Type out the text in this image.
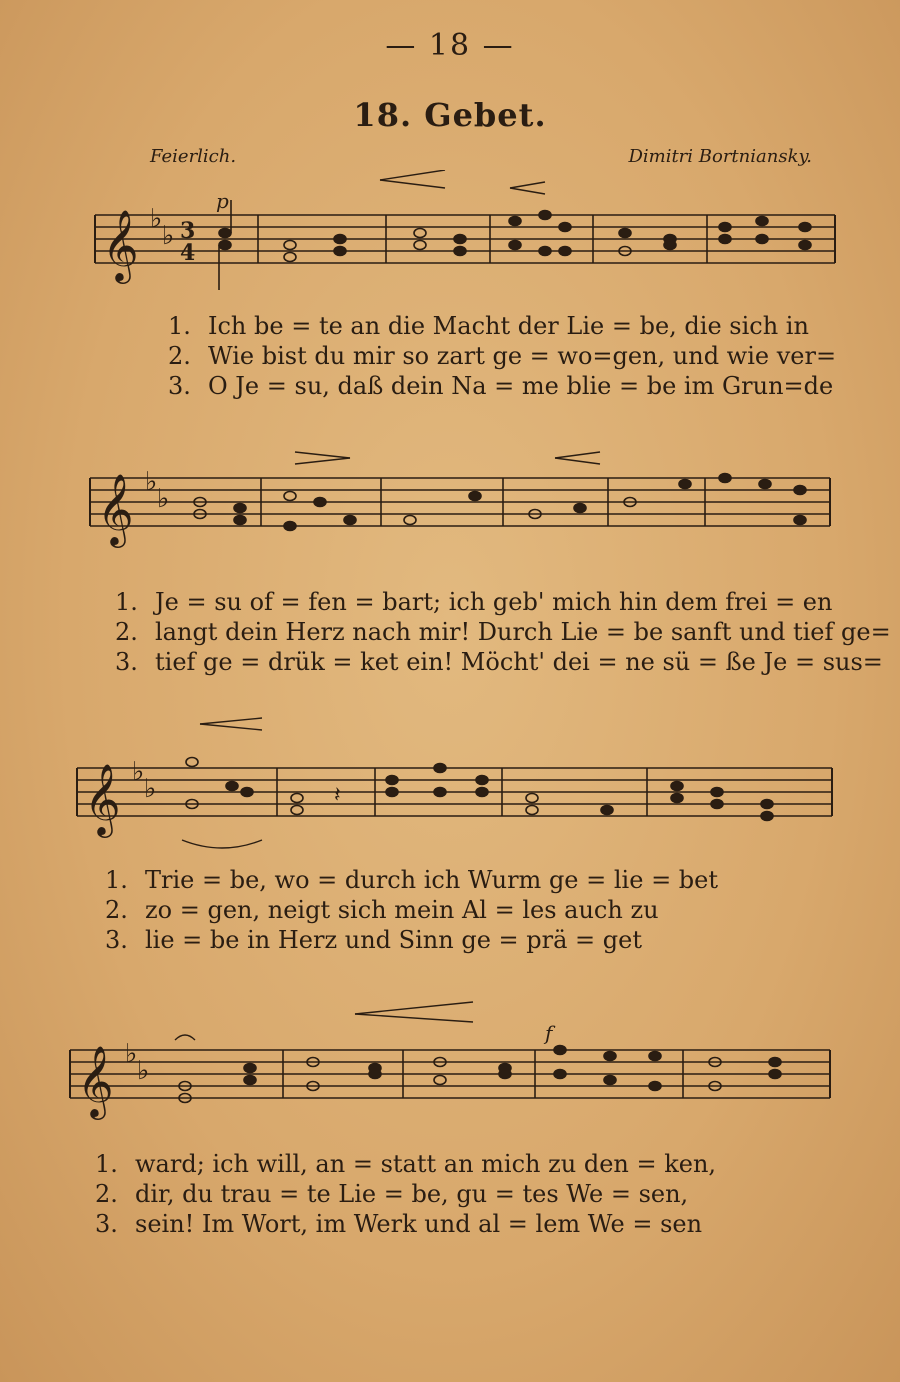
— 18 —
18. Gebet.
Feierlich.	Dimitri Bortniansky.
𝄞 ♭
♭ 3
4
p
1. Ich be = te an die Macht der Lie = be, die sich in
2. Wie bist du mir so zart ge = wo=gen, und wie ver=
3. O Je = su, daß dein Na = me blie = be im Grun=de
𝄞 ♭
♭
1. Je = su of = fen = bart; ich geb' mich hin dem frei = en
2. langt dein Herz nach mir! Durch Lie = be sanft und tief ge=
3. tief ge = drük = ket ein! Möcht' dei = ne sü = ße Je = sus=
𝄞 ♭
♭	𝄽
1. Trie = be, wo = durch ich Wurm ge = lie = bet
2. zo = gen, neigt sich mein Al = les auch zu
3. lie = be in Herz und Sinn ge = prä = get
𝄞 ♭
♭
f
1. ward; ich will, an = statt an mich zu den = ken,
2. dir, du trau = te Lie = be, gu = tes We = sen,
3. sein! Im Wort, im Werk und al = lem We = sen
